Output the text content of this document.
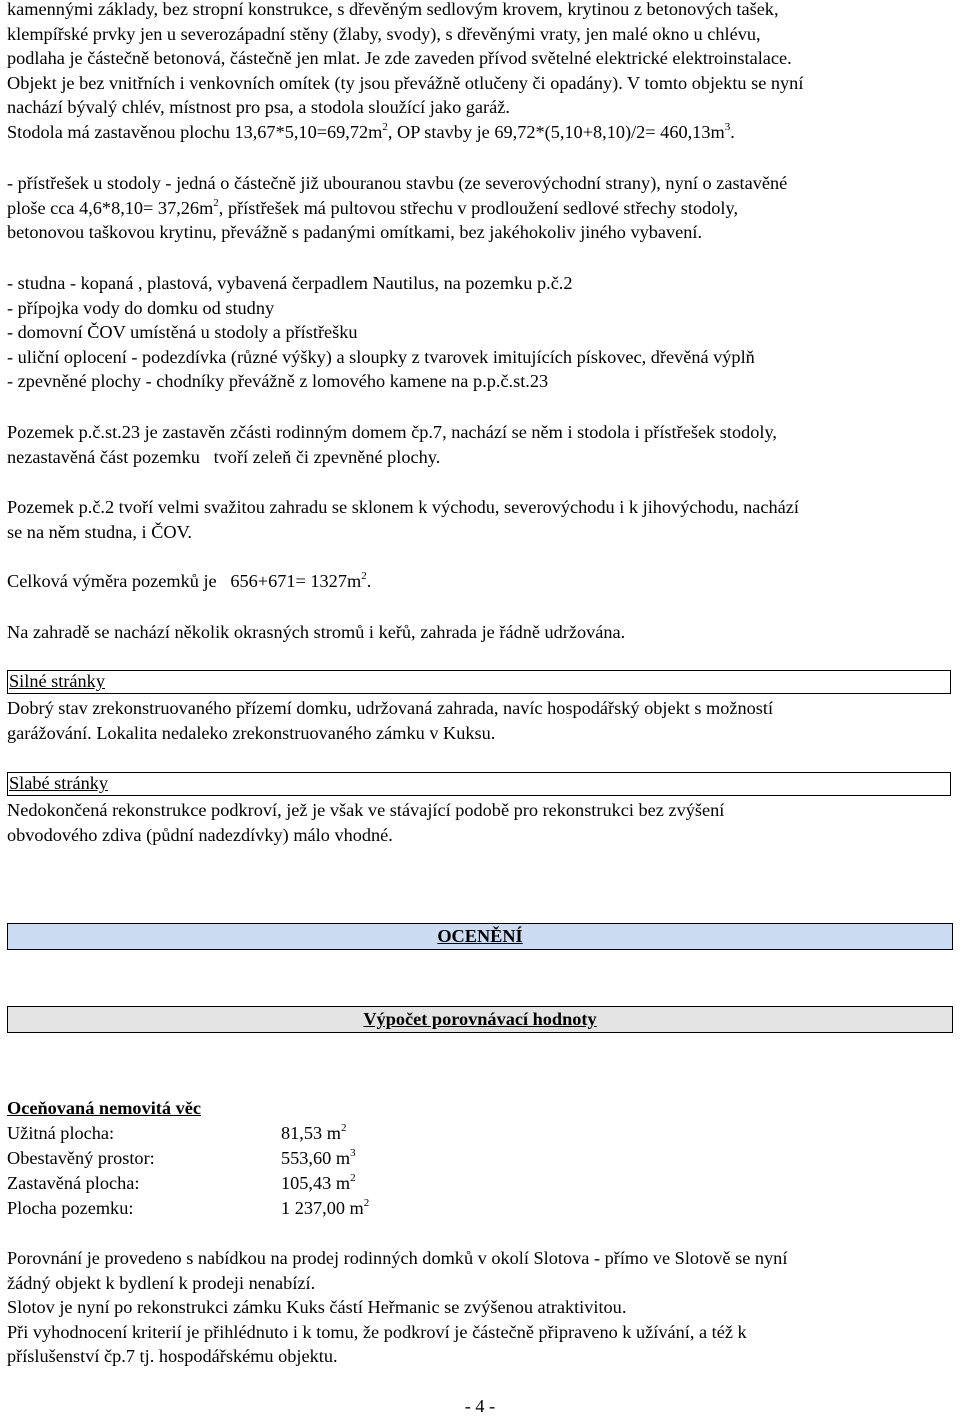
kamennými základy, bez stropní konstrukce, s dřevěným sedlovým krovem, krytinou z betonových tašek,

klempířské prvky jen u severozápadní stěny (žlaby, svody), s dřevěnými vraty, jen malé okno u chlévu,

podlaha je částečně betonová, částečně jen mlat. Je zde zaveden přívod světelné elektrické elektroinstalace.

Objekt je bez vnitřních i venkovních omítek (ty jsou převážně otlučeny či opadány). V tomto objektu se nyní

nachází bývalý chlév, místnost pro psa, a stodola sloužící jako garáž.

Stodola má zastavěnou plochu $13,67*5,10=69,72m^2$, OP stavby je $69,72*(5,10+8,10)/2= 460,13m^3$.

- přístřešek u stodoly - jedná o částečně již ubouranou stavbu (ze severovýchodní strany), nyní o zastavěné

ploše cca $4,6*8,10= 37,26m^2$, přístřešek má pultovou střechu v prodloužení sedlové střechy stodoly,

betonovou taškovou krytinu, převážně s padanými omítkami, bez jakéhokoliv jiného vybavení.

- studna - kopaná , plastová, vybavená čerpadlem Nautilus, na pozemku p.č.2

- přípojka vody do domku od studny

- domovní ČOV umístěná u stodoly a přístřešku

- uliční oplocení - podezdívka (různé výšky) a sloupky z tvarovek imitujících pískovec, dřevěná výplň

- zpevněné plochy - chodníky převážně z lomového kamene na p.p.č.st.23

Pozemek p.č.st.23 je zastavěn zčásti rodinným domem čp.7, nachází se něm i stodola i přístřešek stodoly,

nezastavěná část pozemku   tvoří zeleň či zpevněné plochy.

Pozemek p.č.2 tvoří velmi svažitou zahradu se sklonem k východu, severovýchodu i k jihovýchodu, nachází

se na něm studna, i ČOV.

Celková výměra pozemků je   $656+671= 1327m^2$.

Na zahradě se nachází několik okrasných stromů i keřů, zahrada je řádně udržována.

Silné stránky

Dobrý stav zrekonstruovaného přízemí domku, udržovaná zahrada, navíc hospodářský objekt s možností

garážování. Lokalita nedaleko zrekonstruovaného zámku v Kuksu.

Slabé stránky

Nedokončená rekonstrukce podkroví, jež je však ve stávající podobě pro rekonstrukci bez zvýšení

obvodového zdiva (půdní nadezdívky) málo vhodné.

OCENĚNÍ
Výpočet porovnávací hodnoty

Oceňovaná nemovitá věc

Užitná plocha:	81,53 $m^2$
Obestavěný prostor:	553,60 $m^3$
Zastavěná plocha:	105,43 $m^2$
Plocha pozemku:	1 237,00 $m^2$

Porovnání je provedeno s nabídkou na prodej rodinných domků v okolí Slotova - přímo ve Slotově se nyní

žádný objekt k bydlení k prodeji nenabízí.

Slotov je nyní po rekonstrukci zámku Kuks částí Heřmanic se zvýšenou atraktivitou.

Při vyhodnocení kriterií je přihlédnuto i k tomu, že podkroví je částečně připraveno k užívání, a též k

příslušenství čp.7 tj. hospodářskému objektu.

- 4 -
